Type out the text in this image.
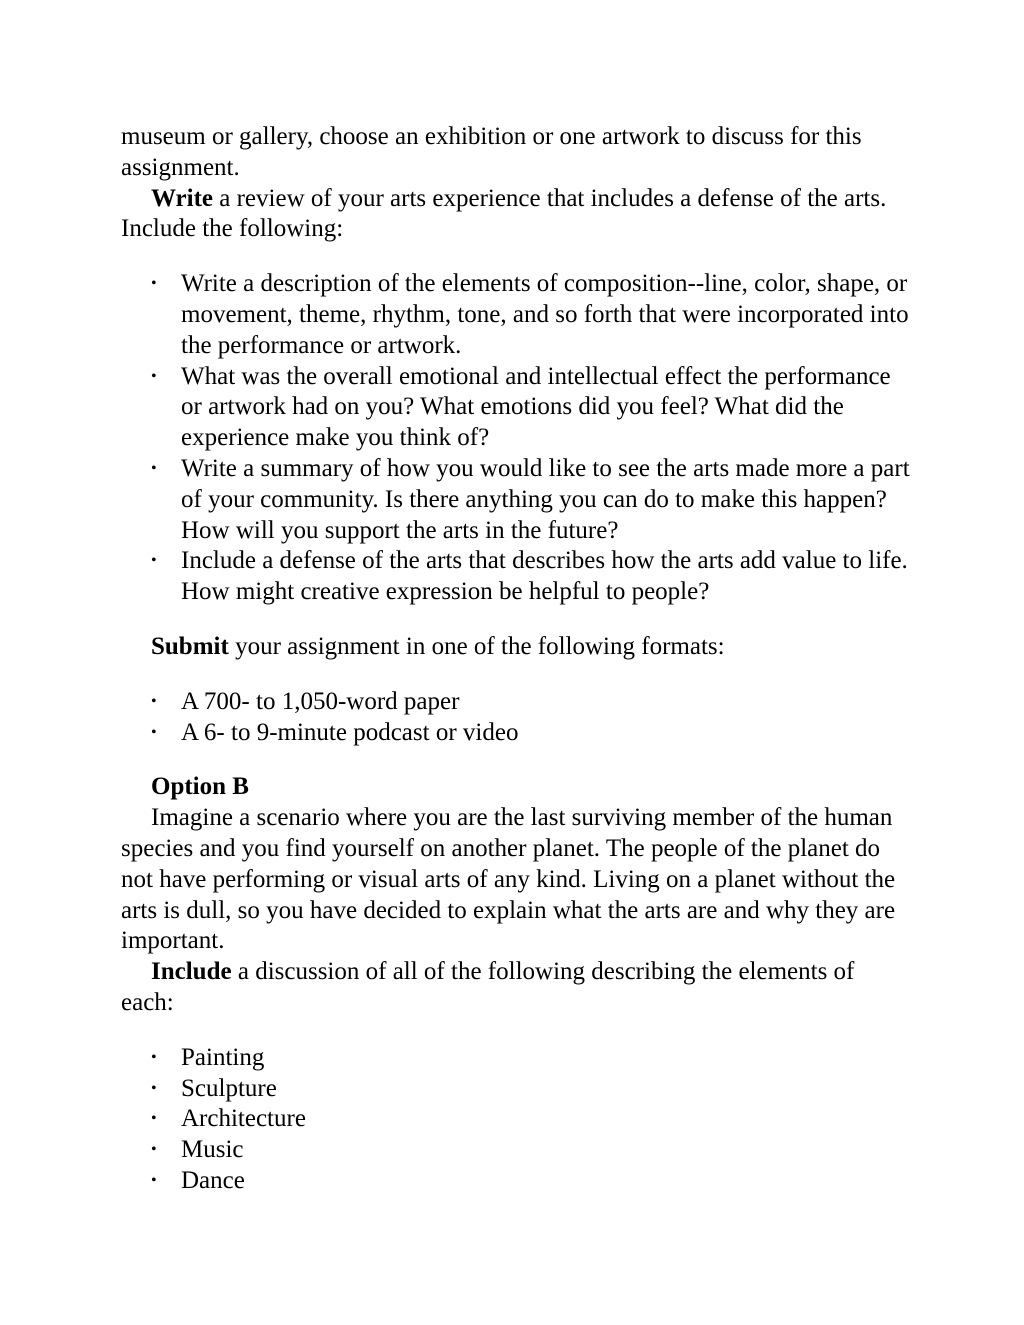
museum or gallery, choose an exhibition or one artwork to discuss for this assignment.

Write a review of your arts experience that includes a defense of the arts. Include the following:

• Write a description of the elements of composition--line, color, shape, or movement, theme, rhythm, tone, and so forth that were incorporated into the performance or artwork.
• What was the overall emotional and intellectual effect the performance or artwork had on you? What emotions did you feel? What did the experience make you think of?
• Write a summary of how you would like to see the arts made more a part of your community. Is there anything you can do to make this happen? How will you support the arts in the future?
• Include a defense of the arts that describes how the arts add value to life. How might creative expression be helpful to people?

Submit your assignment in one of the following formats:

• A 700- to 1,050-word paper
• A 6- to 9-minute podcast or video

Option B

Imagine a scenario where you are the last surviving member of the human species and you find yourself on another planet. The people of the planet do not have performing or visual arts of any kind. Living on a planet without the arts is dull, so you have decided to explain what the arts are and why they are important.

Include a discussion of all of the following describing the elements of each:

• Painting
• Sculpture
• Architecture
• Music
• Dance
